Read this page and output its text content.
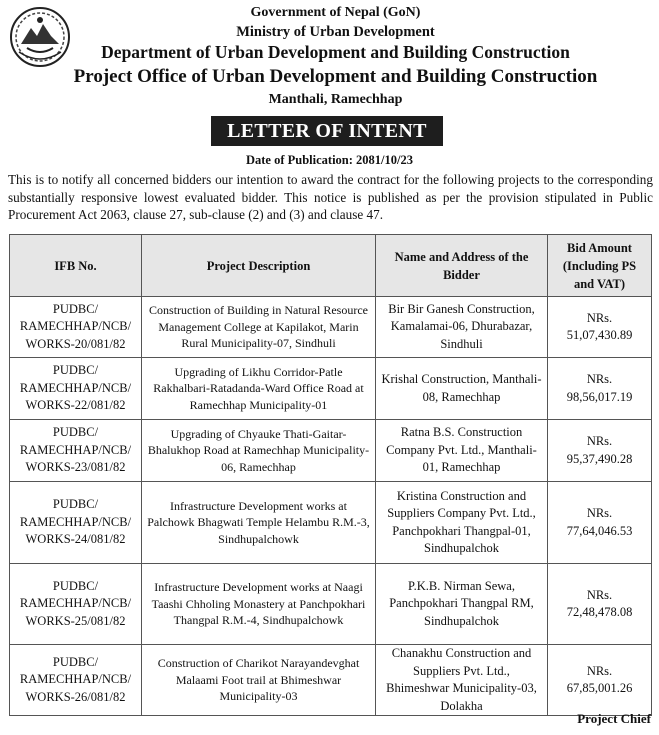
Government of Nepal (GoN)
Ministry of Urban Development
Department of Urban Development and Building Construction
Project Office of Urban Development and Building Construction
Manthali, Ramechhap
LETTER OF INTENT
Date of Publication: 2081/10/23
This is to notify all concerned bidders our intention to award the contract for the following projects to the corresponding substantially responsive lowest evaluated bidder. This notice is published as per the provision stipulated in Public Procurement Act 2063, clause 27, sub-clause (2) and (3) and clause 47.
IFB No.	Project Description	Name and Address of the Bidder	Bid Amount (Including PS and VAT)
PUDBC/ RAMECHHAP/NCB/ WORKS-20/081/82	Construction of Building in Natural Resource Management College at Kapilakot, Marin Rural Municipality-07, Sindhuli	Bir Bir Ganesh Construction, Kamalamai-06, Dhurabazar, Sindhuli	NRs.
51,07,430.89
PUDBC/ RAMECHHAP/NCB/ WORKS-22/081/82	Upgrading of Likhu Corridor-Patle Rakhalbari-Ratadanda-Ward Office Road at Ramechhap Municipality-01	Krishal Construction, Manthali-08, Ramechhap	NRs.
98,56,017.19
PUDBC/ RAMECHHAP/NCB/ WORKS-23/081/82	Upgrading of Chyauke Thati-Gaitar-Bhalukhop Road at Ramechhap Municipality-06, Ramechhap	Ratna B.S. Construction Company Pvt. Ltd., Manthali-01, Ramechhap	NRs.
95,37,490.28
PUDBC/ RAMECHHAP/NCB/ WORKS-24/081/82	Infrastructure Development works at Palchowk Bhagwati Temple Helambu R.M.-3, Sindhupalchowk	Kristina Construction and Suppliers Company Pvt. Ltd., Panchpokhari Thangpal-01, Sindhupalchok	NRs.
77,64,046.53
PUDBC/ RAMECHHAP/NCB/ WORKS-25/081/82	Infrastructure Development works at Naagi Taashi Chholing Monastery at Panchpokhari Thangpal R.M.-4, Sindhupalchowk	P.K.B. Nirman Sewa, Panchpokhari Thangpal RM, Sindhupalchok	NRs.
72,48,478.08
PUDBC/ RAMECHHAP/NCB/ WORKS-26/081/82	Construction of Charikot Narayandevghat Malaami Foot trail at Bhimeshwar Municipality-03	Chanakhu Construction and Suppliers Pvt. Ltd., Bhimeshwar Municipality-03, Dolakha	NRs.
67,85,001.26
Project Chief
